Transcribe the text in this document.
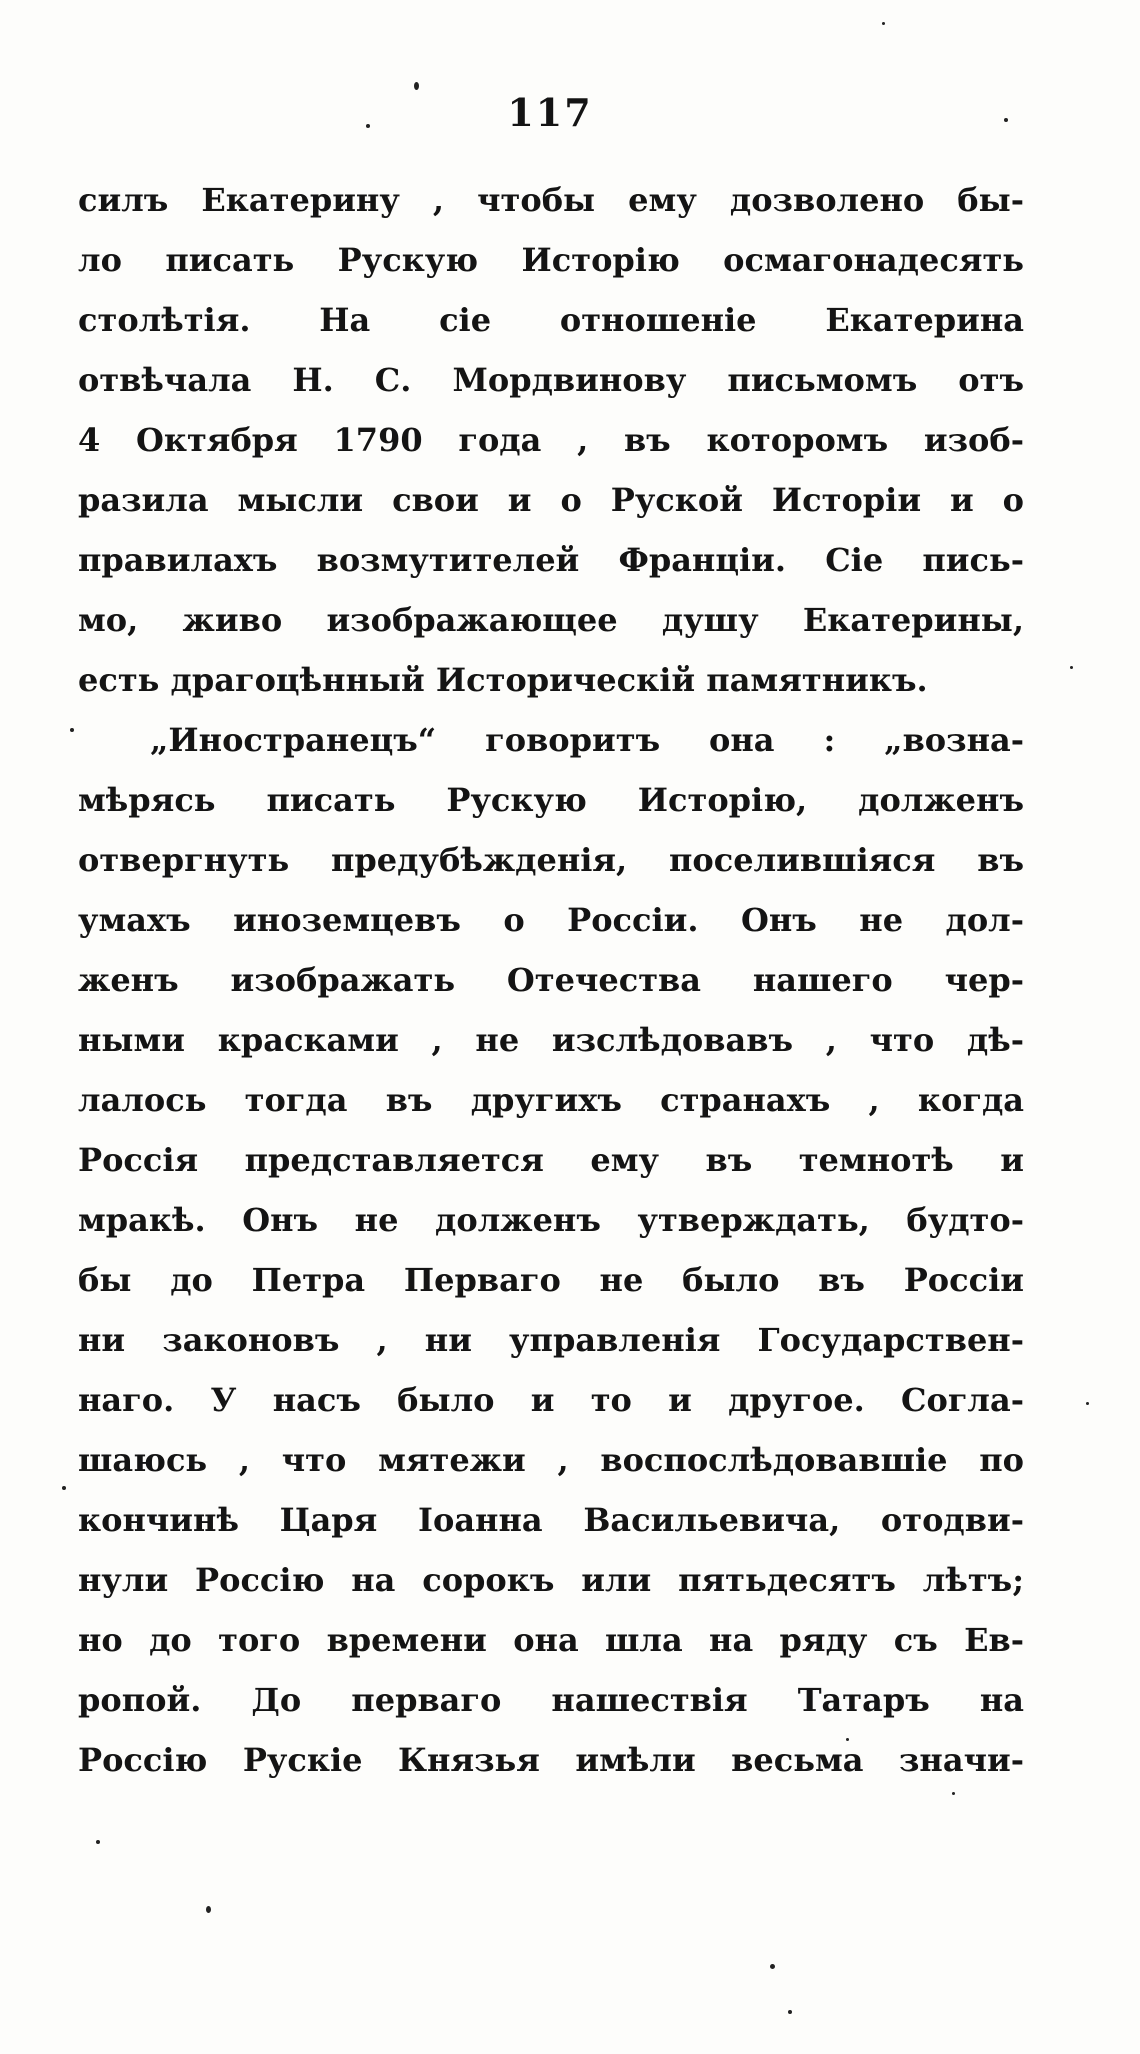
117
силъ Екатерину , чтобы ему дозволено бы-
ло писать Рускую Исторію осмагонадесять
столѣтія. На сіе отношеніе Екатерина
отвѣчала Н. С. Мордвинову письмомъ отъ
4 Октября 1790 года , въ которомъ изоб-
разила мысли свои и о Руской Исторіи и о
правилахъ возмутителей Франціи. Сіе пись-
мо, живо изображающее душу Екатерины,
есть драгоцѣнный Историческій памятникъ.
„Иностранецъ“ говоритъ она : „возна-
мѣрясь писать Рускую Исторію, долженъ
отвергнуть предубѣжденія, поселившіяся въ
умахъ иноземцевъ о Россіи. Онъ не дол-
женъ изображать Отечества нашего чер-
ными красками , не изслѣдовавъ , что дѣ-
лалось тогда въ другихъ странахъ , когда
Россія представляется ему въ темнотѣ и
мракѣ. Онъ не долженъ утверждать, будто-
бы до Петра Перваго не было въ Россіи
ни законовъ , ни управленія Государствен-
наго. У насъ было и то и другое. Согла-
шаюсь , что мятежи , воспослѣдовавшіе по
кончинѣ Царя Іоанна Васильевича, отодви-
нули Россію на сорокъ или пятьдесятъ лѣтъ;
но до того времени она шла на ряду съ Ев-
ропой. До перваго нашествія Татаръ на
Россію Руcкіе Князья имѣли весьма значи-
